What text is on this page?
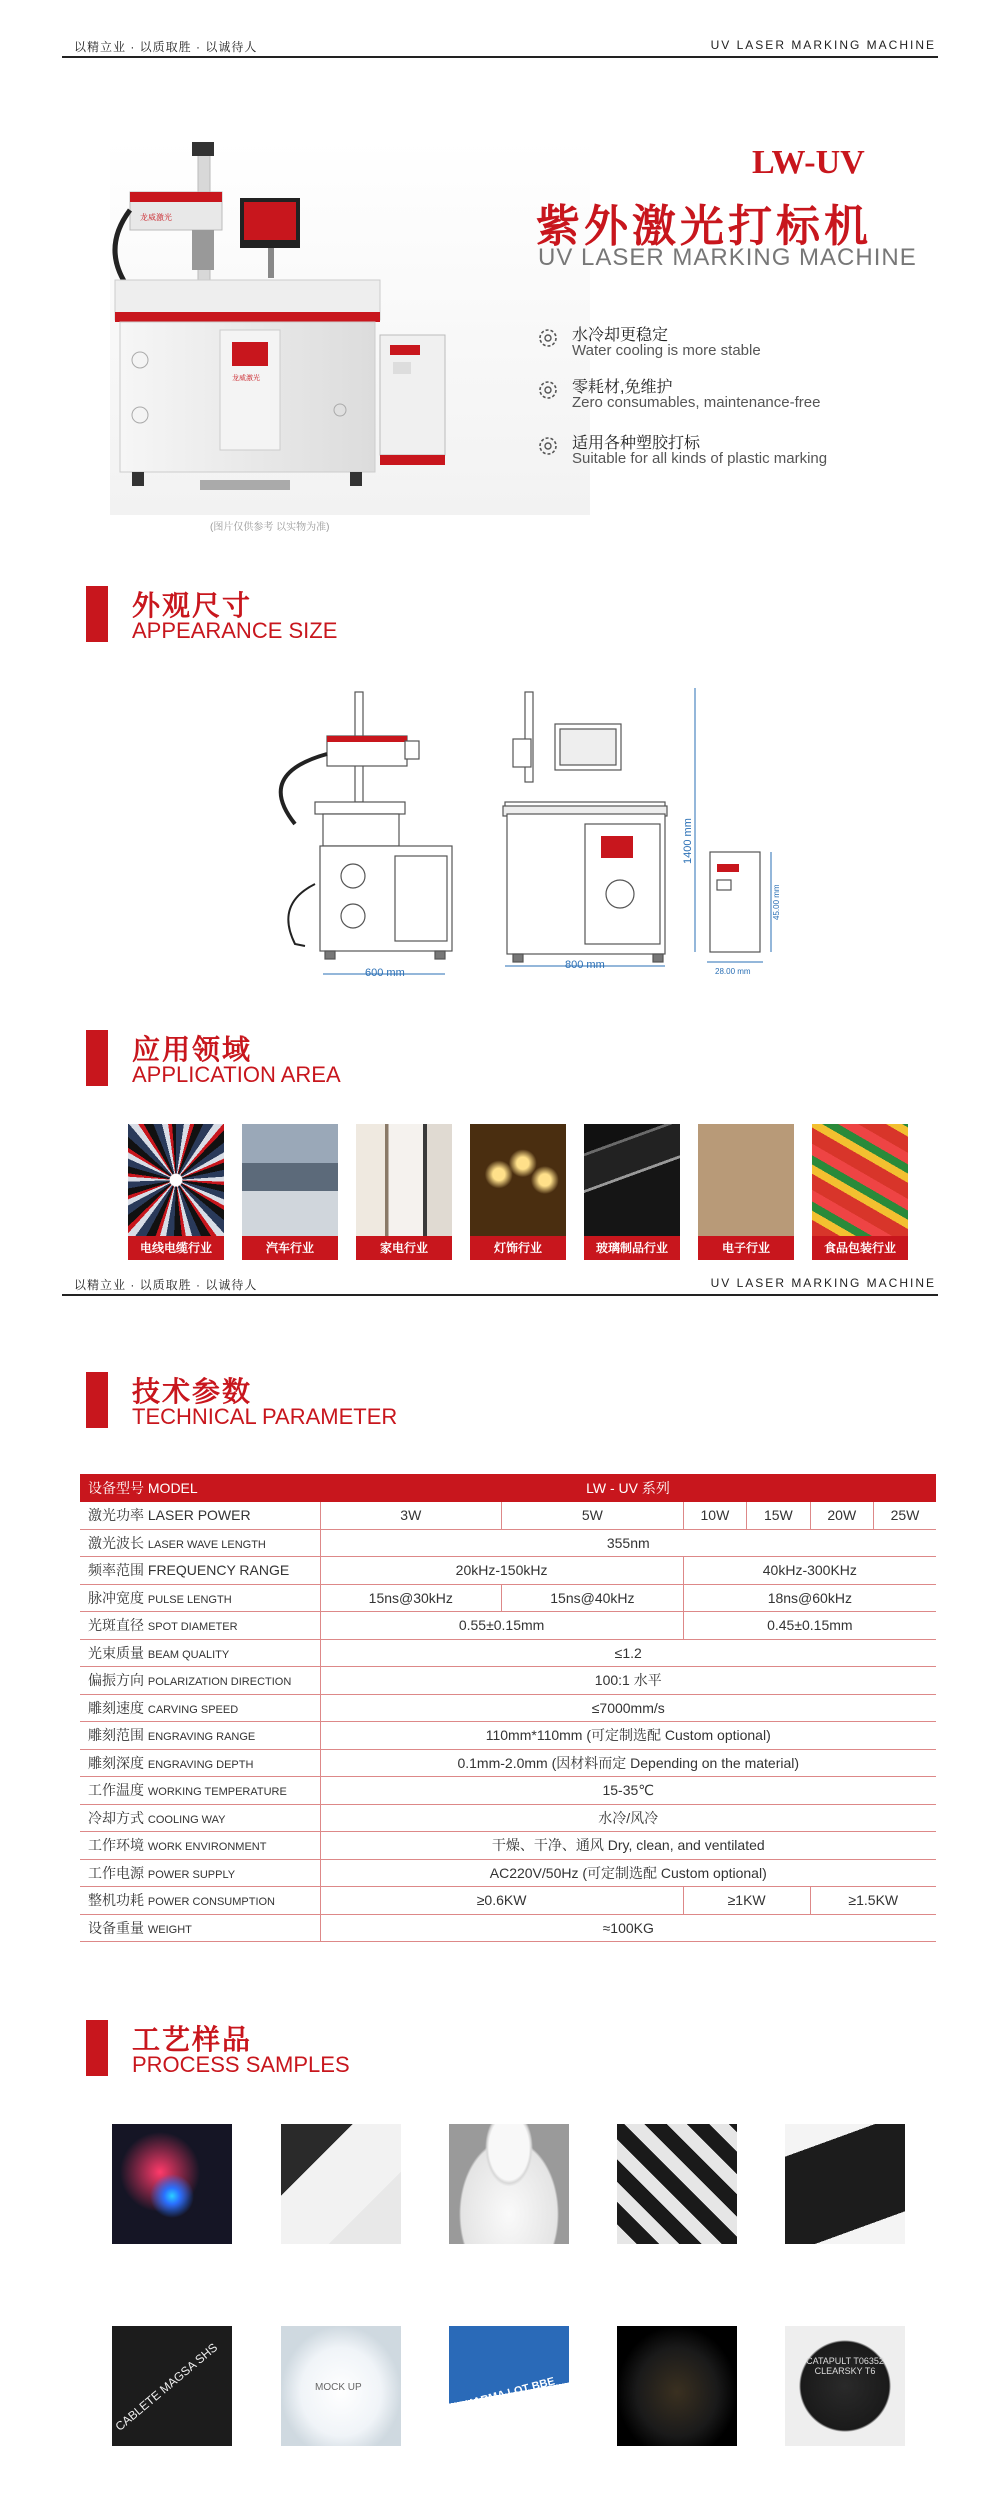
以精立业 · 以质取胜 · 以诚待人	UV LASER MARKING MACHINE
龙威激光
龙威激光
(图片仅供参考 以实物为准)
LW-UV
紫外激光打标机
UV LASER MARKING MACHINE
水冷却更稳定
Water cooling is more stable
零耗材,免维护
Zero consumables, maintenance-free
适用各种塑胶打标
Suitable for all kinds of plastic marking
外观尺寸
APPEARANCE SIZE
600 mm
800 mm
1400 mm
28.00 mm
45.00 mm
龙威激光
应用领域
APPLICATION AREA
电线电缆行业	汽车行业	家电行业	灯饰行业	玻璃制品行业	电子行业	食品包装行业
以精立业 · 以质取胜 · 以诚待人	UV LASER MARKING MACHINE
技术参数
TECHNICAL PARAMETER
设备型号 MODEL	LW - UV 系列					
激光功率 LASER POWER	3W	5W	10W	15W	20W	25W
激光波长 LASER WAVE LENGTH	355nm					
频率范围 FREQUENCY RANGE	20kHz-150kHz		40kHz-300KHz			
脉冲宽度 PULSE LENGTH	15ns@30kHz	15ns@40kHz	18ns@60kHz			
光斑直径 SPOT DIAMETER	0.55±0.15mm		0.45±0.15mm			
光束质量 BEAM QUALITY	≤1.2					
偏振方向 POLARIZATION DIRECTION	100:1 水平					
雕刻速度 CARVING SPEED	≤7000mm/s					
雕刻范围 ENGRAVING RANGE	110mm*110mm (可定制选配 Custom optional)					
雕刻深度 ENGRAVING DEPTH	0.1mm-2.0mm (因材料而定 Depending on the material)					
工作温度 WORKING TEMPERATURE	15-35℃					
冷却方式 COOLING WAY	水冷/风冷					
工作环境 WORK ENVIRONMENT	干燥、干净、通风 Dry, clean, and ventilated					
工作电源 POWER SUPPLY	AC220V/50Hz (可定制选配 Custom optional)					
整机功耗 POWER CONSUMPTION	≥0.6KW		≥1KW		≥1.5KW	
设备重量 WEIGHT	≈100KG					
工艺样品
PROCESS SAMPLES
CABLETE MAGSA SHS	MOCK UP	PHARMA LOT BBE
CATAPULT T06352 CLEARSKY T6
